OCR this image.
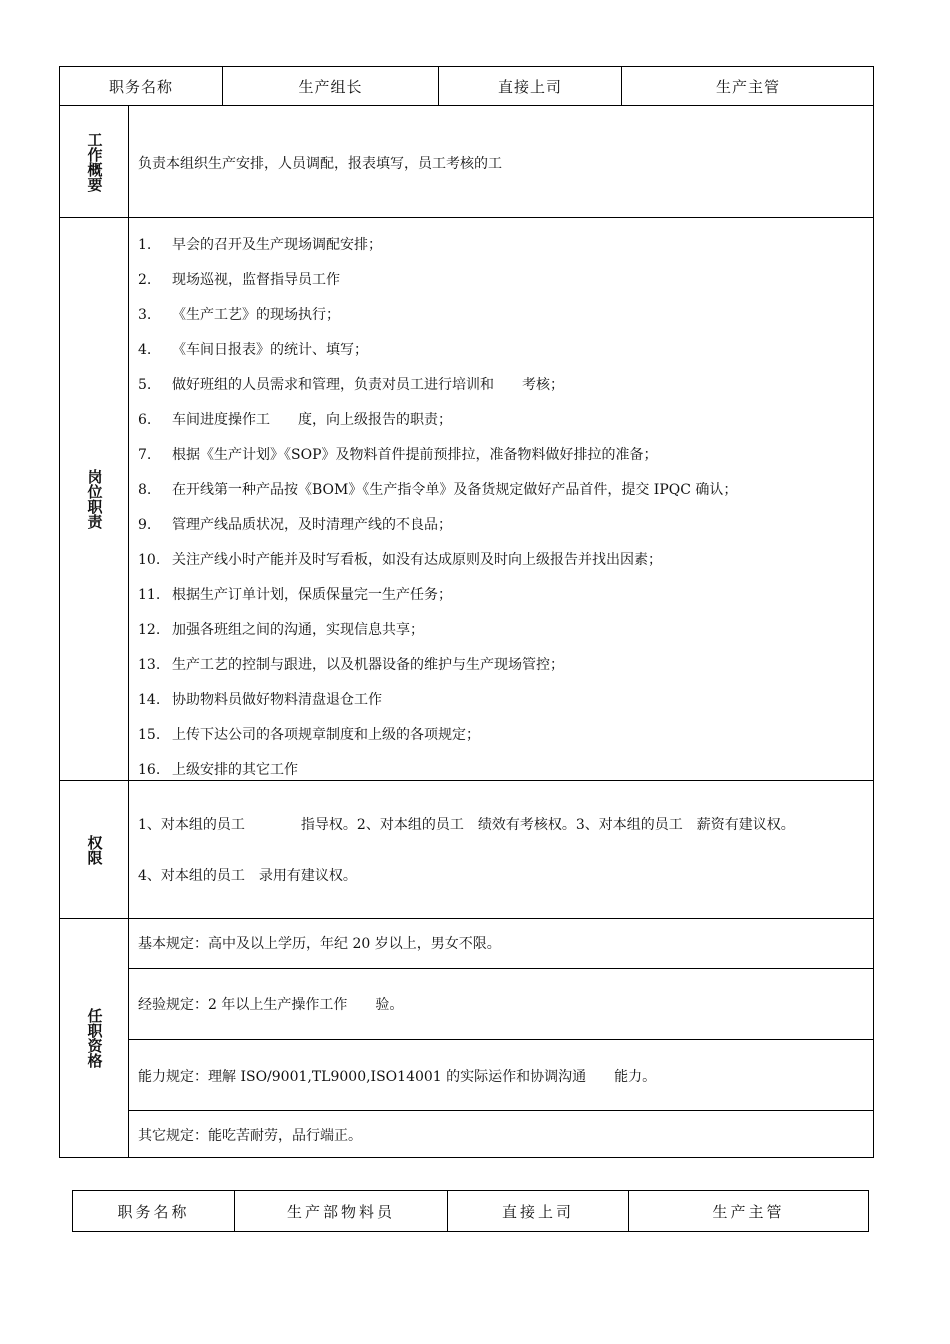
职务名称	生产组长	直接上司	生产主管
工作概要 负责本组织生产安排，人员调配，报表填写，员工考核的工
岗位职责
1. 早会的召开及生产现场调配安排；
2. 现场巡视，监督指导员工作
3. 《生产工艺》的现场执行；
4. 《车间日报表》的统计、填写；
5. 做好班组的人员需求和管理，负责对员工进行培训和　　考核；
6. 车间进度操作工　　度，向上级报告的职责；
7. 根据《生产计划》《SOP》及物料首件提前预排拉，准备物料做好排拉的准备；
8. 在开线第一种产品按《BOM》《生产指令单》及备货规定做好产品首件，提交 IPQC 确认；
9. 管理产线品质状况，及时清理产线的不良品；
10. 关注产线小时产能并及时写看板，如没有达成原则及时向上级报告并找出因素；
11. 根据生产订单计划，保质保量完一生产任务；
12. 加强各班组之间的沟通，实现信息共享；
13. 生产工艺的控制与跟进，以及机器设备的维护与生产现场管控；
14. 协助物料员做好物料清盘退仓工作
15. 上传下达公司的各项规章制度和上级的各项规定；
16. 上级安排的其它工作
权限
1、对本组的员工　　　　指导权。2、对本组的员工　绩效有考核权。3、对本组的员工　薪资有建议权。
4、对本组的员工　录用有建议权。
任职资格
基本规定：高中及以上学历，年纪 20 岁以上，男女不限。
经验规定：2 年以上生产操作工作　　验。
能力规定：理解 ISO/9001,TL9000,ISO14001 的实际运作和协调沟通　　能力。
其它规定：能吃苦耐劳，品行端正。
职务名称	生产部物料员	直接上司	生产主管
